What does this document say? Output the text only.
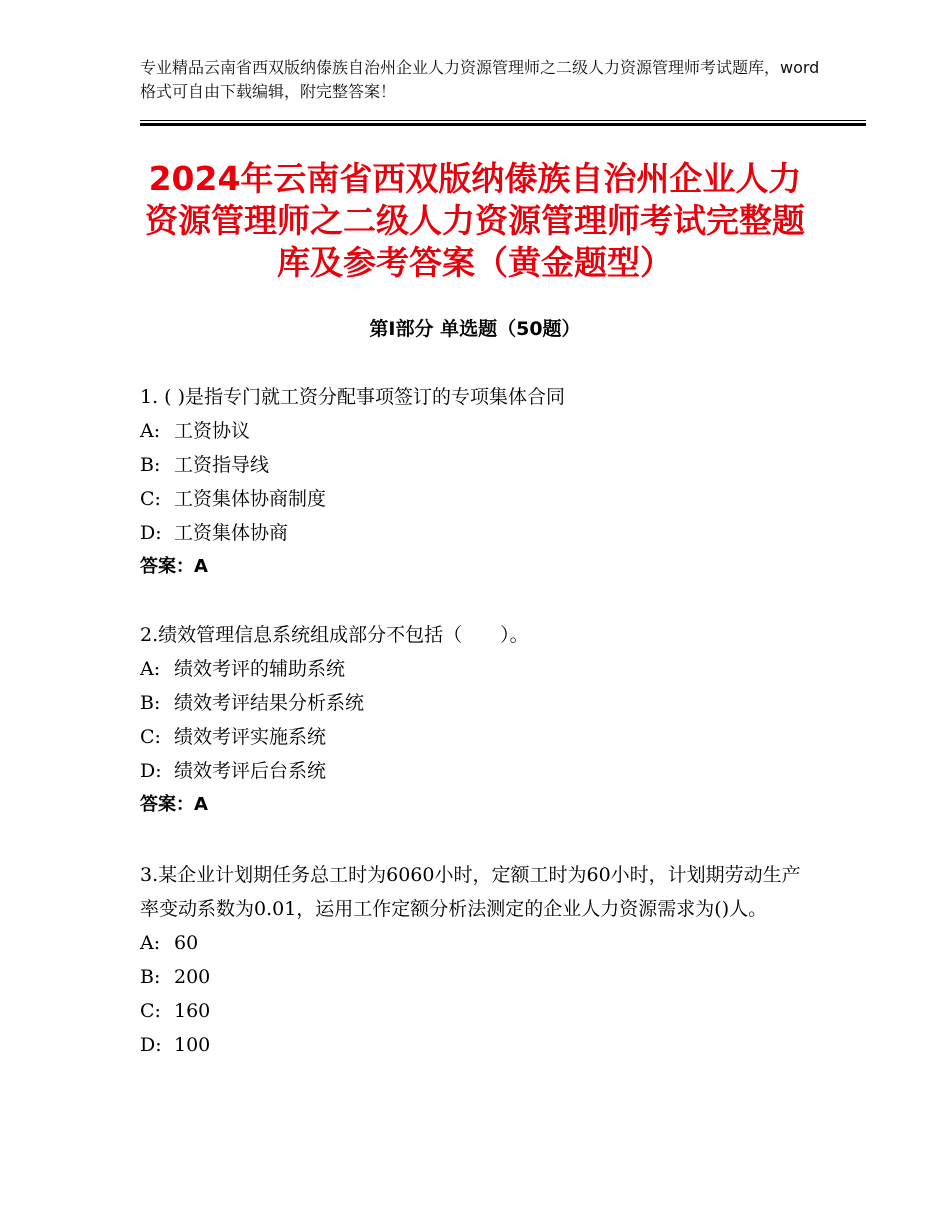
专业精品云南省西双版纳傣族自治州企业人力资源管理师之二级人力资源管理师考试题库，word格式可自由下载编辑，附完整答案！
2024年云南省西双版纳傣族自治州企业人力资源管理师之二级人力资源管理师考试完整题库及参考答案（黄金题型）
第Ⅰ部分 单选题（50题）
1. ( )是指专门就工资分配事项签订的专项集体合同
A: 工资协议
B: 工资指导线
C: 工资集体协商制度
D: 工资集体协商
答案：A
2.绩效管理信息系统组成部分不包括（　　）。
A: 绩效考评的辅助系统
B: 绩效考评结果分析系统
C: 绩效考评实施系统
D: 绩效考评后台系统
答案：A
3.某企业计划期任务总工时为6060小时，定额工时为60小时，计划期劳动生产率变动系数为0.01，运用工作定额分析法测定的企业人力资源需求为()人。
A: 60
B: 200
C: 160
D: 100
